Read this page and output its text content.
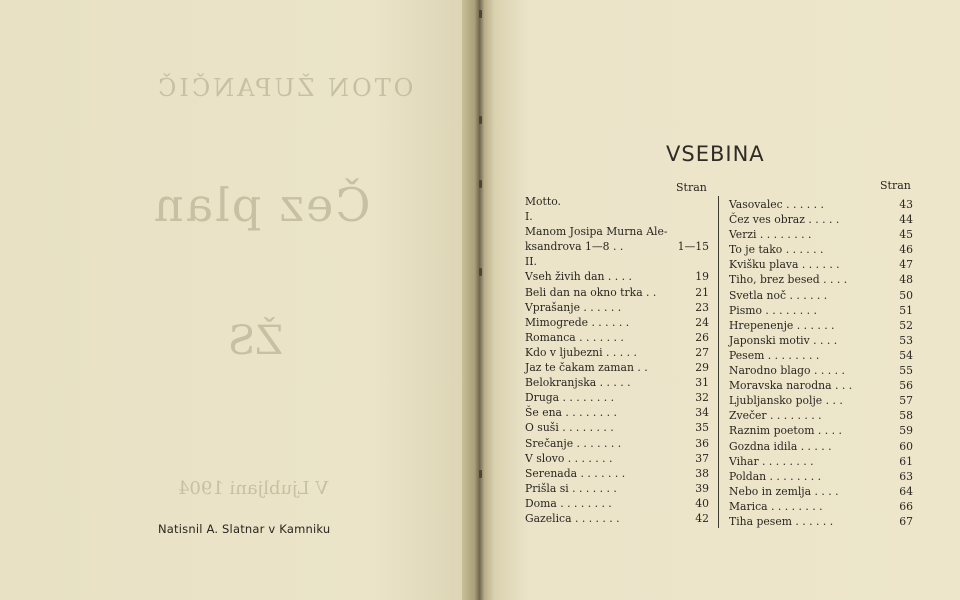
OTON ŽUPANČIČ
Čez plan
ŽS
V Ljubljani 1904
Natisnil A. Slatnar v Kamniku
VSEBINA
Stran	Stran
Motto.
I.
Manom Josipa Murna Ale-
ksandrova 1—8 . .	1—15
II.
Vseh živih dan . . . .	19
Beli dan na okno trka . .	21
Vprašanje . . . . . .	23
Mimogrede . . . . . .	24
Romanca . . . . . . .	26
Kdo v ljubezni . . . . .	27
Jaz te čakam zaman . .	29
Belokranjska . . . . .	31
Druga . . . . . . . .	32
Še ena . . . . . . . .	34
O suši . . . . . . . .	35
Srečanje . . . . . . .	36
V slovo . . . . . . .	37
Serenada . . . . . . .	38
Prišla si . . . . . . .	39
Doma . . . . . . . .	40
Gazelica . . . . . . .	42
Vasovalec . . . . . .	43
Čez ves obraz . . . . .	44
Verzi . . . . . . . .	45
To je tako . . . . . .	46
Kvišku plava . . . . . .	47
Tiho, brez besed . . . .	48
Svetla noč . . . . . .	50
Pismo . . . . . . . .	51
Hrepenenje . . . . . .	52
Japonski motiv . . . .	53
Pesem . . . . . . . .	54
Narodno blago . . . . .	55
Moravska narodna . . .	56
Ljubljansko polje . . .	57
Zvečer . . . . . . . .	58
Raznim poetom . . . .	59
Gozdna idila . . . . .	60
Vihar . . . . . . . .	61
Poldan . . . . . . . .	63
Nebo in zemlja . . . .	64
Marica . . . . . . . .	66
Tiha pesem . . . . . .	67
